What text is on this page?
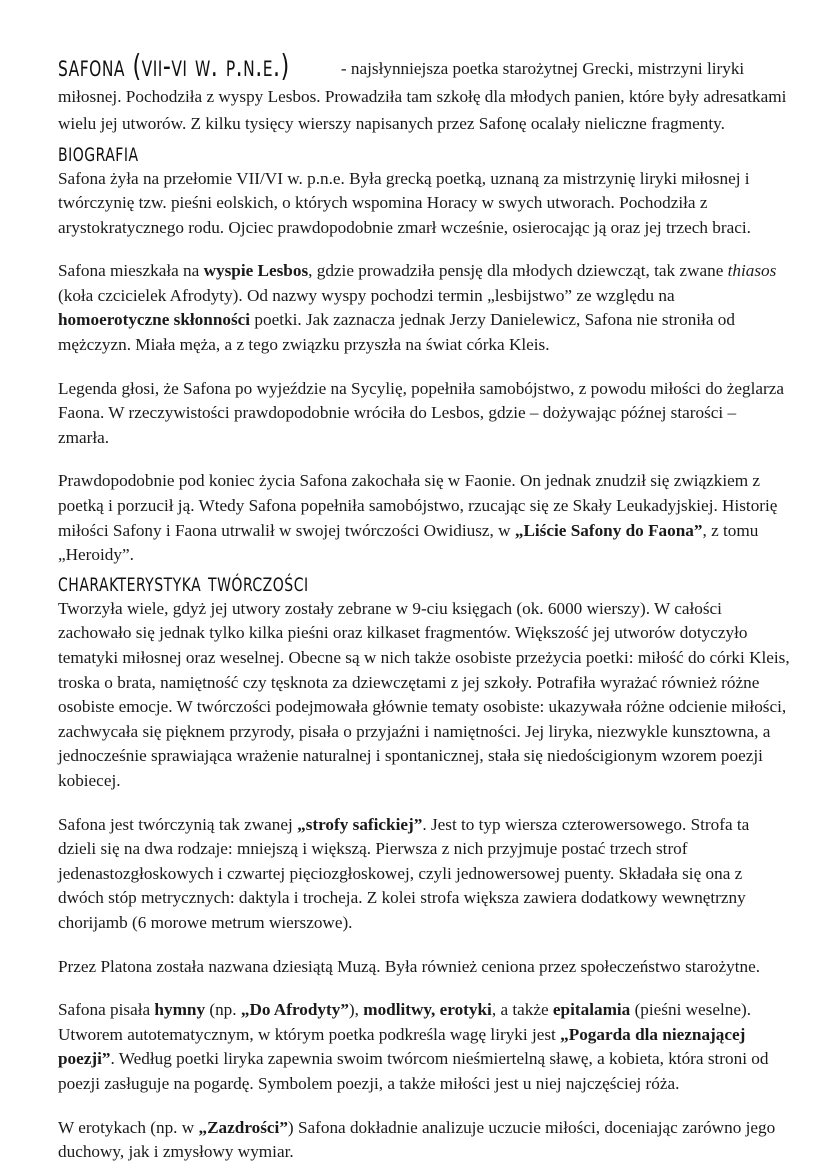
safona (vii-vi w. p.n.e.)	- najsłynniejsza poetka starożytnej Grecki, mistrzyni liryki miłosnej. Pochodziła z wyspy Lesbos. Prowadziła tam szkołę dla młodych panien, które były adresatkami wielu jej utworów. Z kilku tysięcy wierszy napisanych przez Safonę ocalały nieliczne fragmenty.

biografia

Safona żyła na przełomie VII/VI w. p.n.e. Była grecką poetką, uznaną za mistrzynię liryki miłosnej i twórczynię tzw. pieśni eolskich, o których wspomina Horacy w swych utworach. Pochodziła z arystokratycznego rodu. Ojciec prawdopodobnie zmarł wcześnie, osierocając ją oraz jej trzech braci.

Safona mieszkała na wyspie Lesbos, gdzie prowadziła pensję dla młodych dziewcząt, tak zwane thiasos (koła czcicielek Afrodyty). Od nazwy wyspy pochodzi termin „lesbijstwo” ze względu na homoerotyczne skłonności poetki. Jak zaznacza jednak Jerzy Danielewicz, Safona nie stroniła od mężczyzn. Miała męża, a z tego związku przyszła na świat córka Kleis.

Legenda głosi, że Safona po wyjeździe na Sycylię, popełniła samobójstwo, z powodu miłości do żeglarza Faona. W rzeczywistości prawdopodobnie wróciła do Lesbos, gdzie – dożywając późnej starości – zmarła.

Prawdopodobnie pod koniec życia Safona zakochała się w Faonie. On jednak znudził się związkiem z poetką i porzucił ją. Wtedy Safona popełniła samobójstwo, rzucając się ze Skały Leukadyjskiej. Historię miłości Safony i Faona utrwalił w swojej twórczości Owidiusz, w „Liście Safony do Faona”, z tomu „Heroidy”.

charakterystyka twórczości

Tworzyła wiele, gdyż jej utwory zostały zebrane w 9-ciu księgach (ok. 6000 wierszy). W całości zachowało się jednak tylko kilka pieśni oraz kilkaset fragmentów. Większość jej utworów dotyczyło tematyki miłosnej oraz weselnej. Obecne są w nich także osobiste przeżycia poetki: miłość do córki Kleis, troska o brata, namiętność czy tęsknota za dziewczętami z jej szkoły. Potrafiła wyrażać również różne osobiste emocje. W twórczości podejmowała głównie tematy osobiste: ukazywała różne odcienie miłości, zachwycała się pięknem przyrody, pisała o przyjaźni i namiętności. Jej liryka, niezwykle kunsztowna, a jednocześnie sprawiająca wrażenie naturalnej i spontanicznej, stała się niedościgionym wzorem poezji kobiecej.

Safona jest twórczynią tak zwanej „strofy safickiej”. Jest to typ wiersza czterowersowego. Strofa ta dzieli się na dwa rodzaje: mniejszą i większą. Pierwsza z nich przyjmuje postać trzech strof jedenastozgłoskowych i czwartej pięciozgłoskowej, czyli jednowersowej puenty. Składała się ona z dwóch stóp metrycznych: daktyla i trocheja. Z kolei strofa większa zawiera dodatkowy wewnętrzny chorijamb (6 morowe metrum wierszowe).

Przez Platona została nazwana dziesiątą Muzą. Była również ceniona przez społeczeństwo starożytne.

Safona pisała hymny (np. „Do Afrodyty”), modlitwy, erotyki, a także epitalamia (pieśni weselne). Utworem autotematycznym, w którym poetka podkreśla wagę liryki jest „Pogarda dla nieznającej poezji”. Według poetki liryka zapewnia swoim twórcom nieśmiertelną sławę, a kobieta, która stroni od poezji zasługuje na pogardę. Symbolem poezji, a także miłości jest u niej najczęściej róża.

W erotykach (np. w „Zazdrości”) Safona dokładnie analizuje uczucie miłości, doceniając zarówno jego duchowy, jak i zmysłowy wymiar.
